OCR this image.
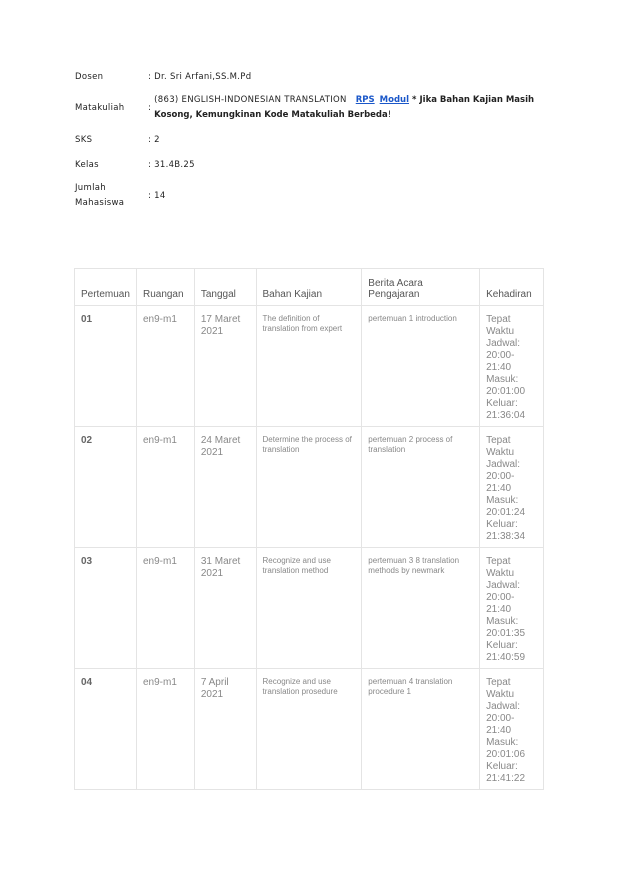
Dosen	: Dr. Sri Arfani,SS.M.Pd
Matakuliah	:
(863) ENGLISH-INDONESIAN TRANSLATION RPS Modul * Jika Bahan Kajian Masih Kosong, Kemungkinan Kode Matakuliah Berbeda!
SKS	: 2
Kelas	: 31.4B.25
Jumlah Mahasiswa
: 14
Pertemuan	Ruangan	Tanggal	Bahan Kajian	Berita Acara Pengajaran	Kehadiran
01	en9-m1	17 Maret 2021	The definition of translation from expert	pertemuan 1 introduction	Tepat Waktu Jadwal: 20:00-21:40 Masuk: 20:01:00 Keluar: 21:36:04
02	en9-m1	24 Maret 2021	Determine the process of translation	pertemuan 2 process of translation	Tepat Waktu Jadwal: 20:00-21:40 Masuk: 20:01:24 Keluar: 21:38:34
03	en9-m1	31 Maret 2021	Recognize and use translation method	pertemuan 3 8 translation methods by newmark	Tepat Waktu Jadwal: 20:00-21:40 Masuk: 20:01:35 Keluar: 21:40:59
04	en9-m1	7 April 2021	Recognize and use translation prosedure	pertemuan 4 translation procedure 1	Tepat Waktu Jadwal: 20:00-21:40 Masuk: 20:01:06 Keluar: 21:41:22
